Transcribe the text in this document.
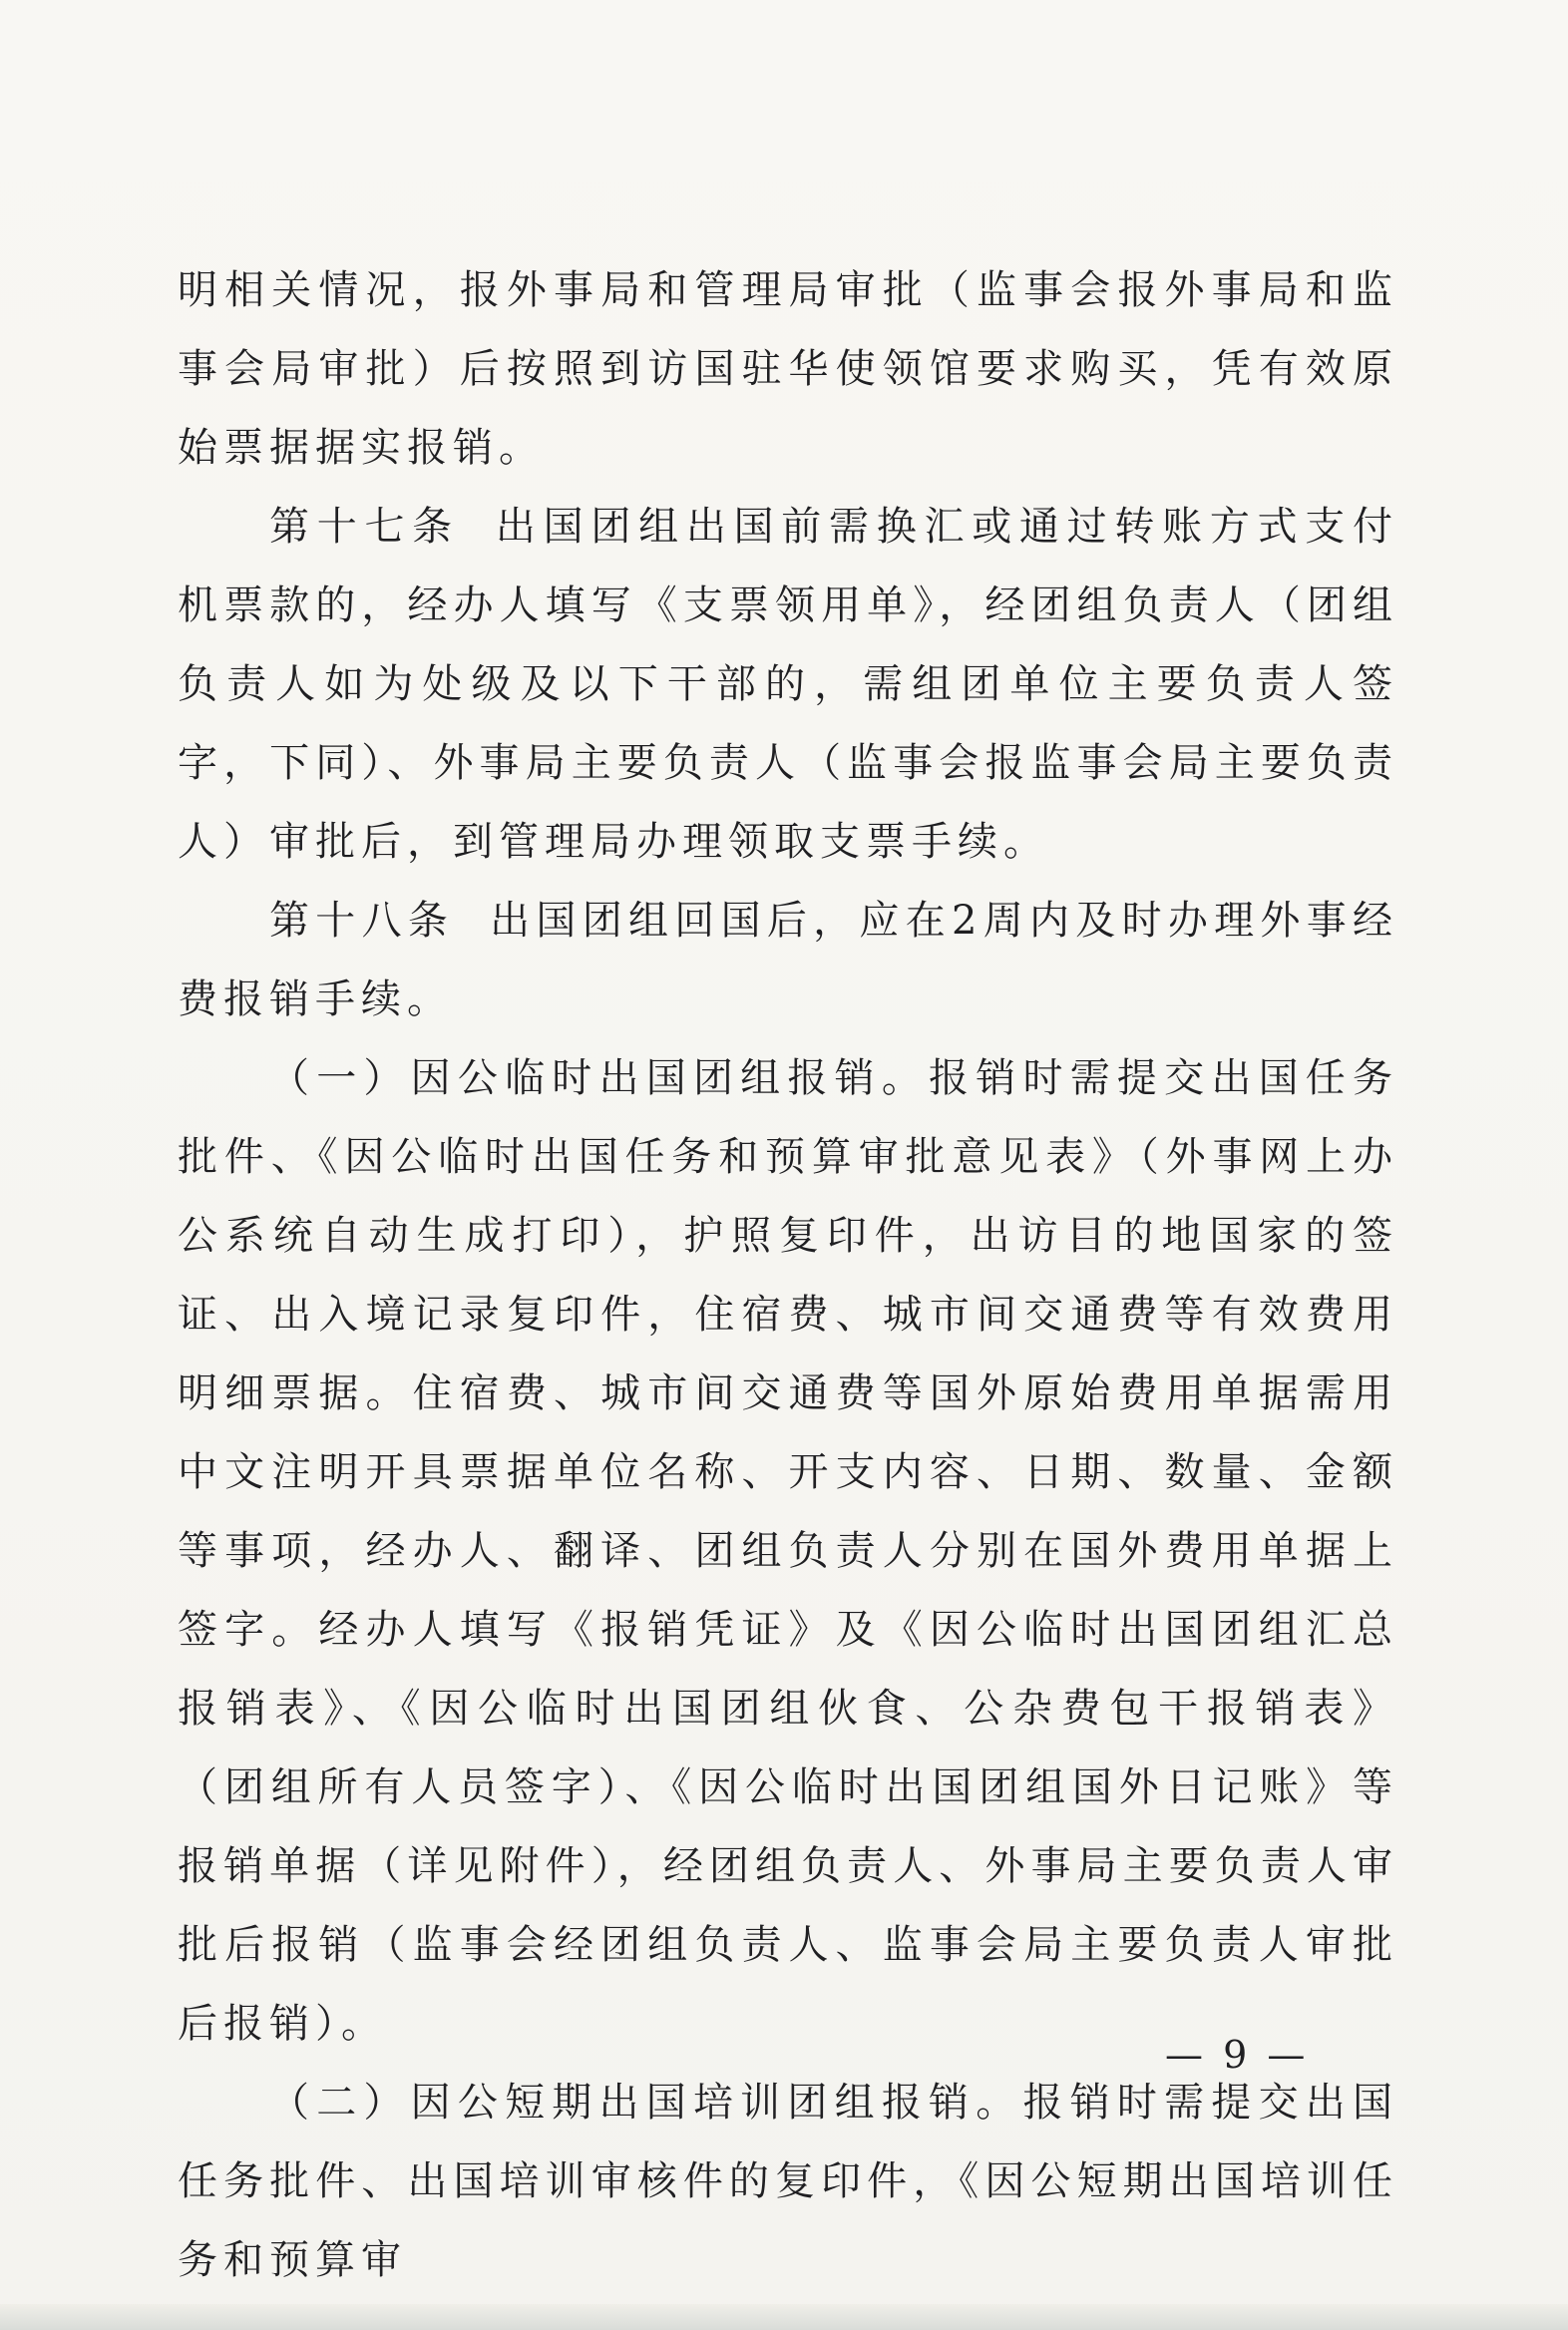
明相关情况，报外事局和管理局审批（监事会报外事局和监事会局审批）后按照到访国驻华使领馆要求购买，凭有效原始票据据实报销。

第十七条 出国团组出国前需换汇或通过转账方式支付机票款的，经办人填写《支票领用单》，经团组负责人（团组负责人如为处级及以下干部的，需组团单位主要负责人签字，下同）、外事局主要负责人（监事会报监事会局主要负责人）审批后，到管理局办理领取支票手续。

第十八条 出国团组回国后，应在2周内及时办理外事经费报销手续。

（一）因公临时出国团组报销。报销时需提交出国任务批件、《因公临时出国任务和预算审批意见表》（外事网上办公系统自动生成打印），护照复印件，出访目的地国家的签证、出入境记录复印件，住宿费、城市间交通费等有效费用明细票据。住宿费、城市间交通费等国外原始费用单据需用中文注明开具票据单位名称、开支内容、日期、数量、金额等事项，经办人、翻译、团组负责人分别在国外费用单据上签字。经办人填写《报销凭证》及《因公临时出国团组汇总报销表》、《因公临时出国团组伙食、公杂费包干报销表》（团组所有人员签字）、《因公临时出国团组国外日记账》等报销单据（详见附件），经团组负责人、外事局主要负责人审批后报销（监事会经团组负责人、监事会局主要负责人审批后报销）。

（二）因公短期出国培训团组报销。报销时需提交出国任务批件、出国培训审核件的复印件，《因公短期出国培训任务和预算审

— 9 —
